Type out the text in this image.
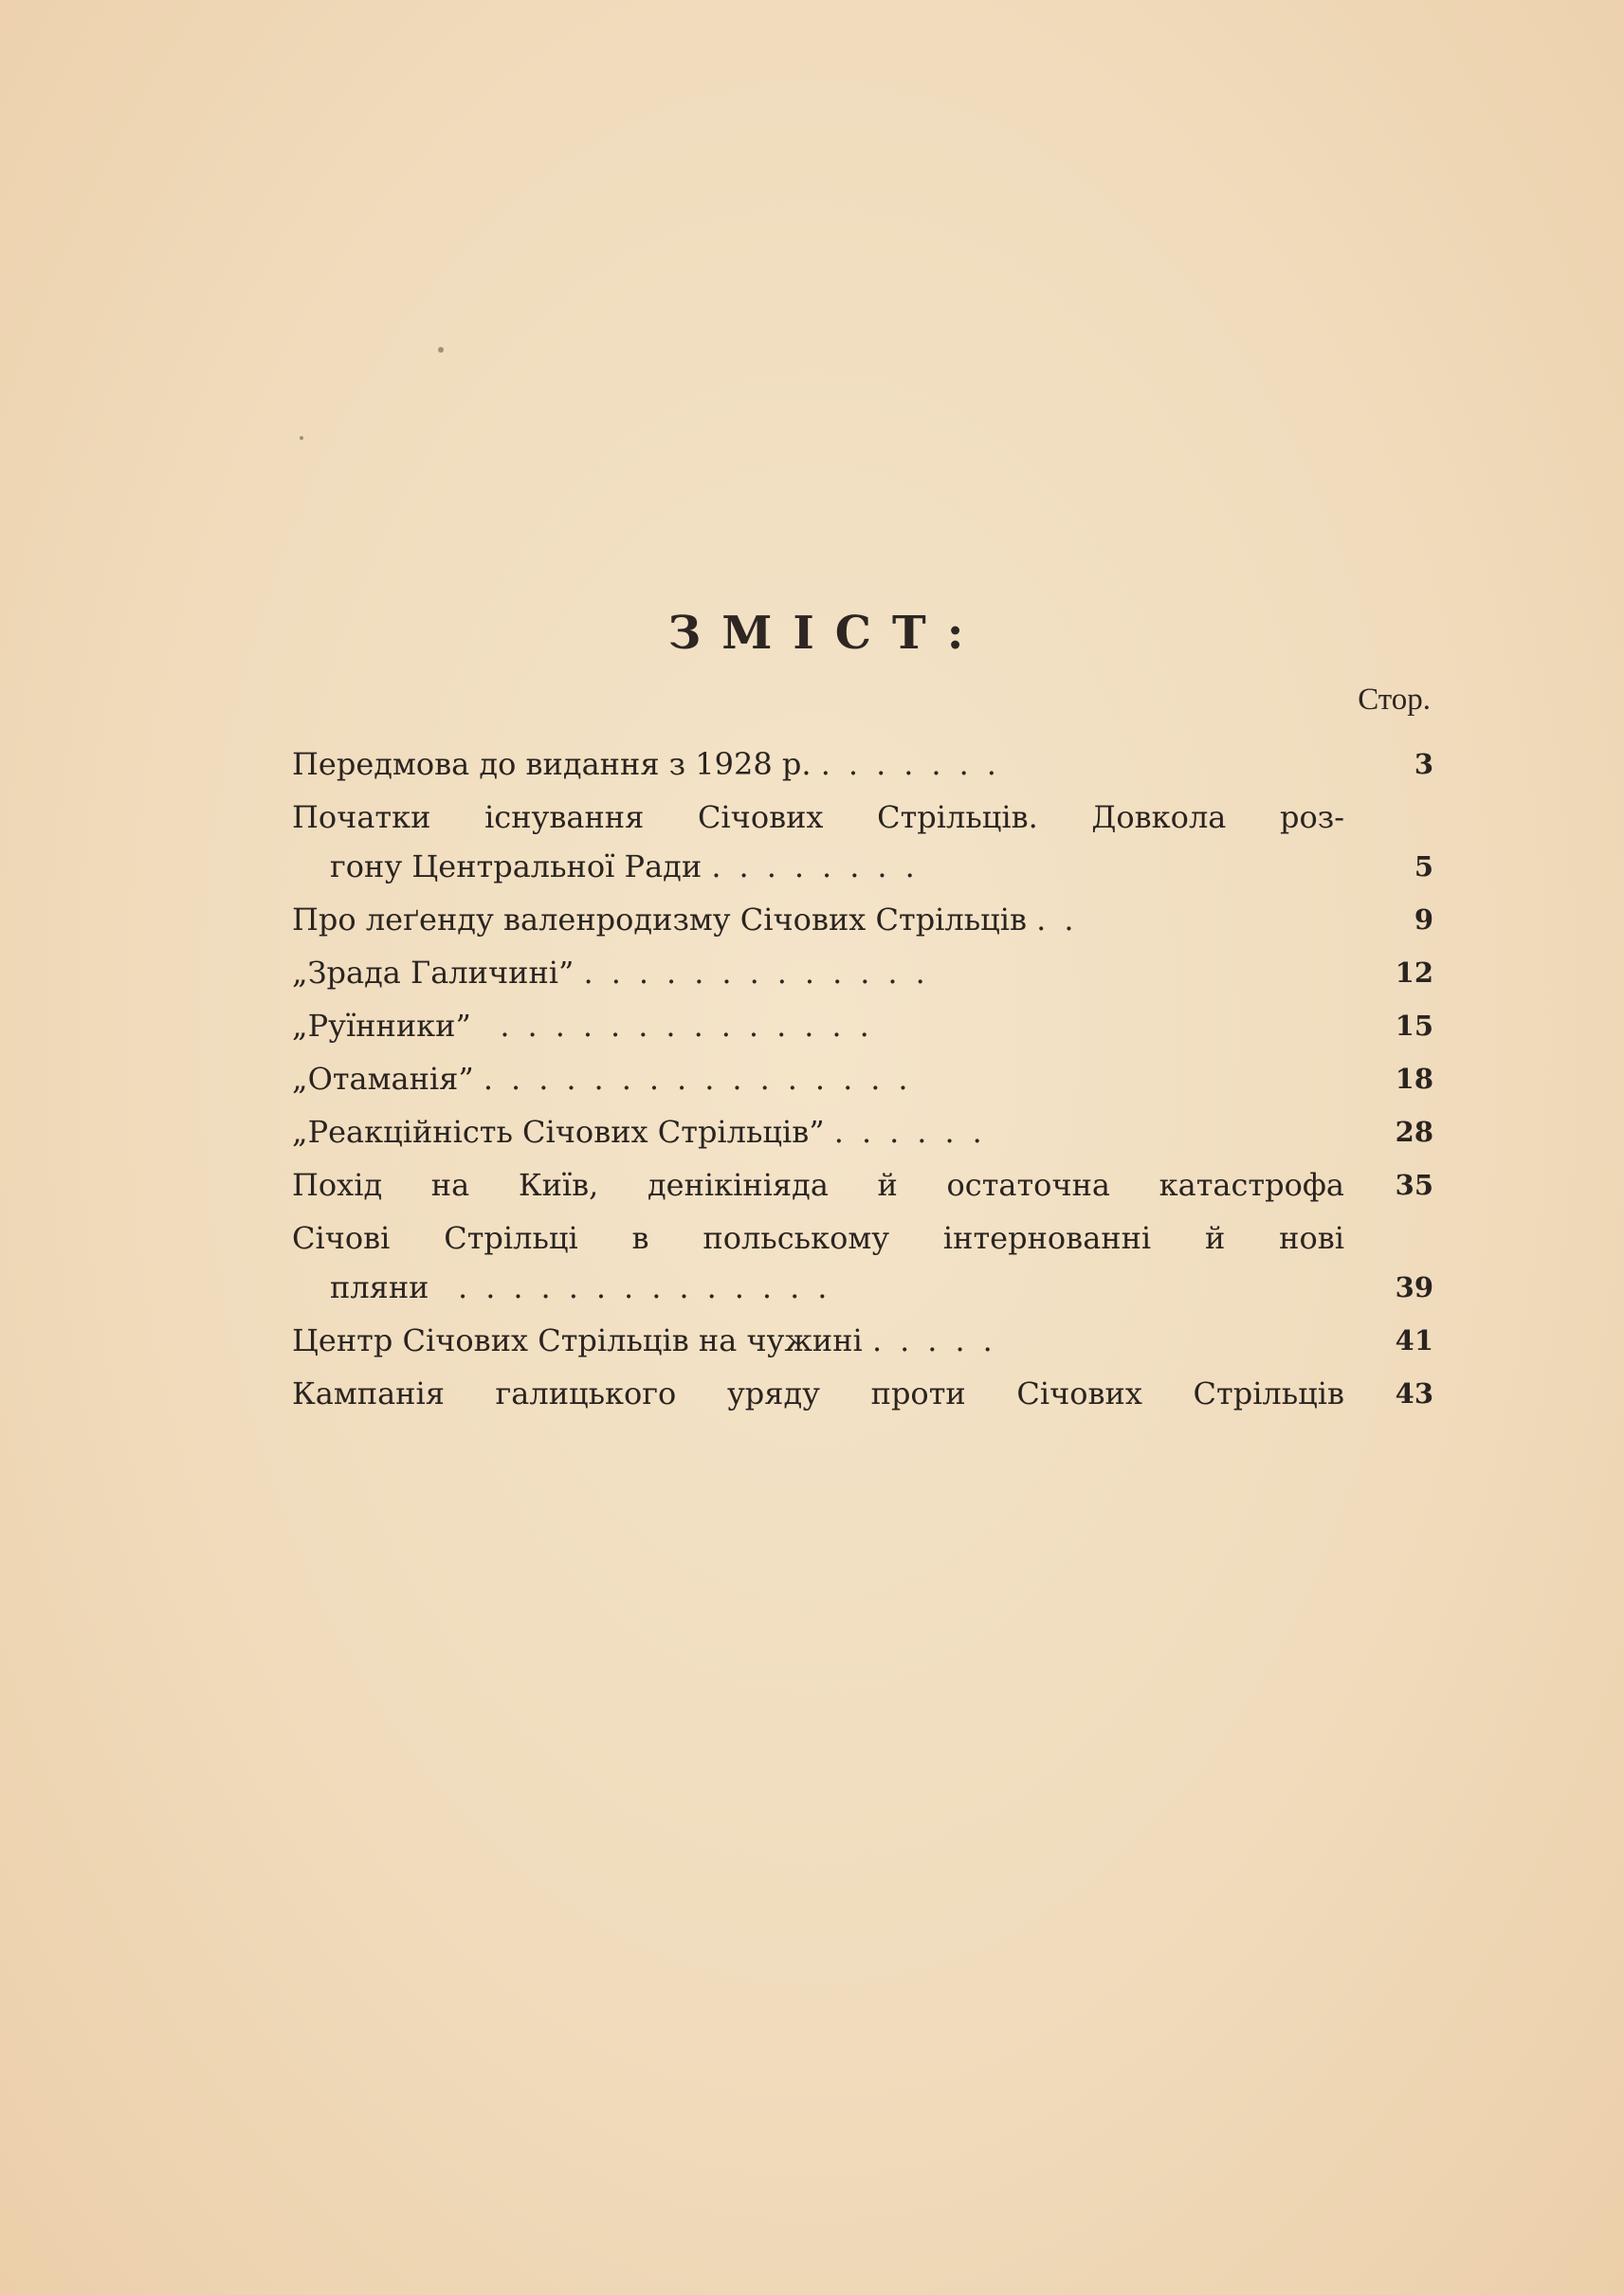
ЗМІСТ:
Стор.
Передмова до видання з 1928 р. .......	3
Початки існування Січових Стрільців. Довкола роз-
гону Центральної Ради ........	5
Про леґенду валенродизму Січових Стрільців ..	9
„Зрада Галичині” .............	12
„Руїнники” ..............	15
„Отаманія” ................	18
„Реакційність Січових Стрільців” ......	28
Похід на Київ, денікініяда й остаточна катастрофа	35
Січові Стрільці в польському інтернованні й нові
пляни ..............	39
Центр Січових Стрільців на чужині .....	41
Кампанія галицького уряду проти Січових Стрільців	43
